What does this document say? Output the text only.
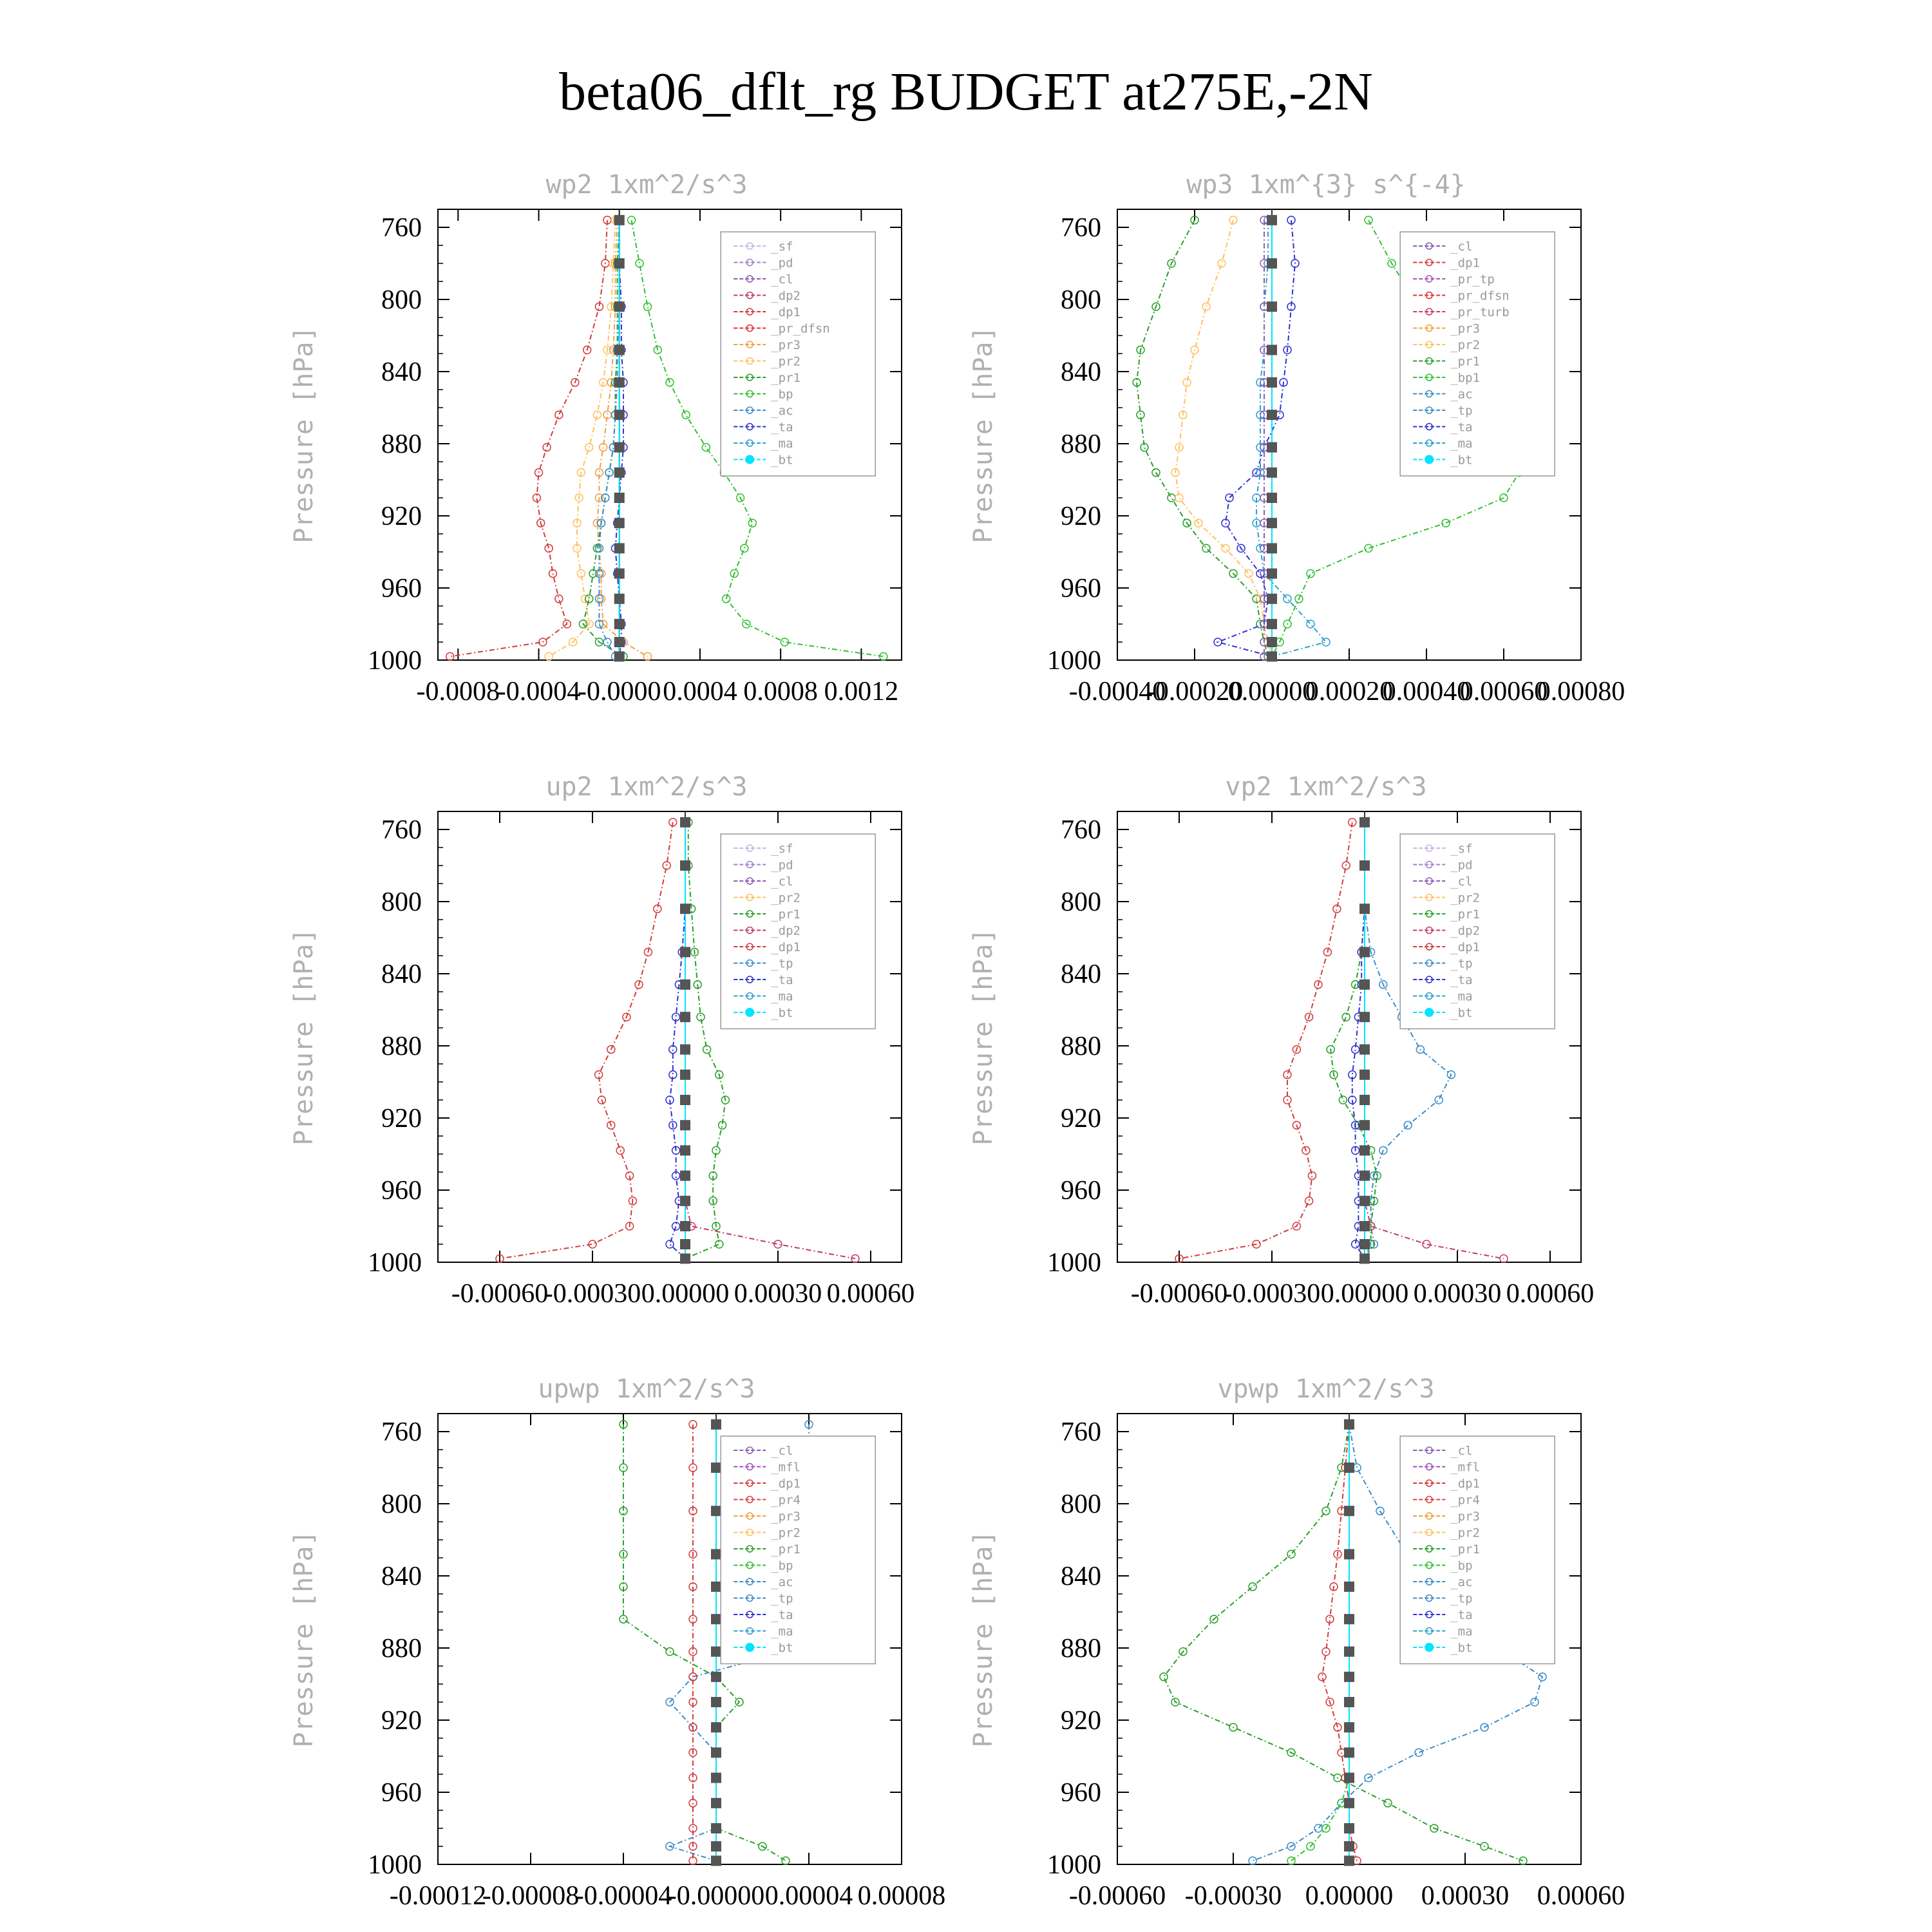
beta06_dflt_rg BUDGET at275E,-2N
wp2 1xm^2/s^3
Pressure [hPa]
760
800
840
880
920
960
1000
-0.0008
-0.0004
-0.0000 0.0004 0.0008 0.0012
_sf
_pd
_cl
_dp2
_dp1
_pr_dfsn
_pr3
_pr2
_pr1
_bp
_ac
_ta
_ma
_bt
wp3 1xm^{3} s^{-4}
Pressure [hPa]
760
800
840
880
920
960
1000
-0.00040
-0.00020
0.00000
0.00020
0.00040
0.00060
0.00080
_cl
_dp1
_pr_tp
_pr_dfsn
_pr_turb
_pr3
_pr2
_pr1
_bp1
_ac
_tp
_ta
_ma
_bt
up2 1xm^2/s^3
Pressure [hPa]
760
800
840
880
920
960
1000
-0.00060
-0.00030 0.00000 0.00030 0.00060
_sf
_pd
_cl
_pr2
_pr1
_dp2
_dp1
_tp
_ta
_ma
_bt
vp2 1xm^2/s^3
Pressure [hPa]
760
800
840
880
920
960
1000
-0.00060
-0.00030 0.00000 0.00030 0.00060
_sf
_pd
_cl
_pr2
_pr1
_dp2
_dp1
_tp
_ta
_ma
_bt
upwp 1xm^2/s^3
Pressure [hPa]
760
800
840
880
920
960
1000
-0.00012
-0.00008
-0.00004
-0.00000 0.00004 0.00008
_cl
_mfl
_dp1
_pr4
_pr3
_pr2
_pr1
_bp
_ac
_tp
_ta
_ma
_bt
vpwp 1xm^2/s^3
Pressure [hPa]
760
800
840
880
920
960
1000
-0.00060 -0.00030 0.00000 0.00030 0.00060
_cl
_mfl
_dp1
_pr4
_pr3
_pr2
_pr1
_bp
_ac
_tp
_ta
_ma
_bt
